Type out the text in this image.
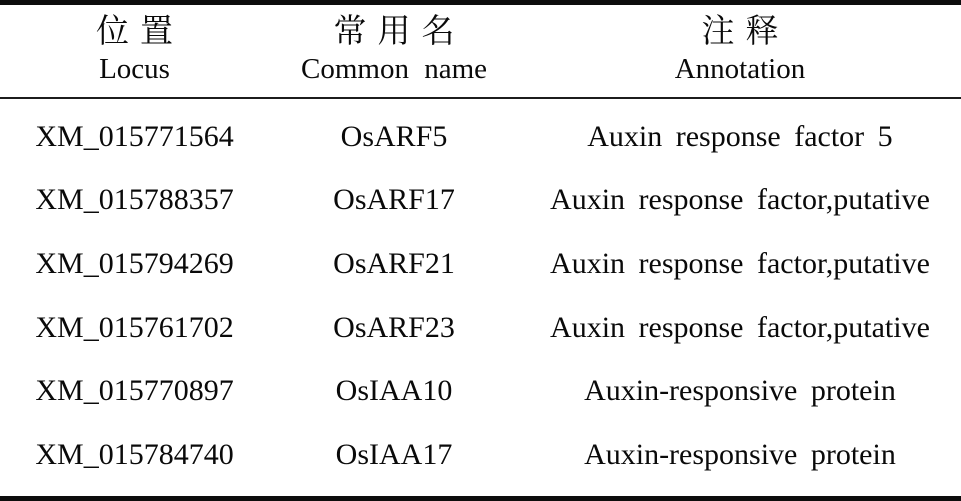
位置	常用名	注释
Locus	Common name	Annotation
XM_015771564	OsARF5	Auxin response factor 5
XM_015788357	OsARF17	Auxin response factor,putative
XM_015794269	OsARF21	Auxin response factor,putative
XM_015761702	OsARF23	Auxin response factor,putative
XM_015770897	OsIAA10	Auxin-responsive protein
XM_015784740	OsIAA17	Auxin-responsive protein
